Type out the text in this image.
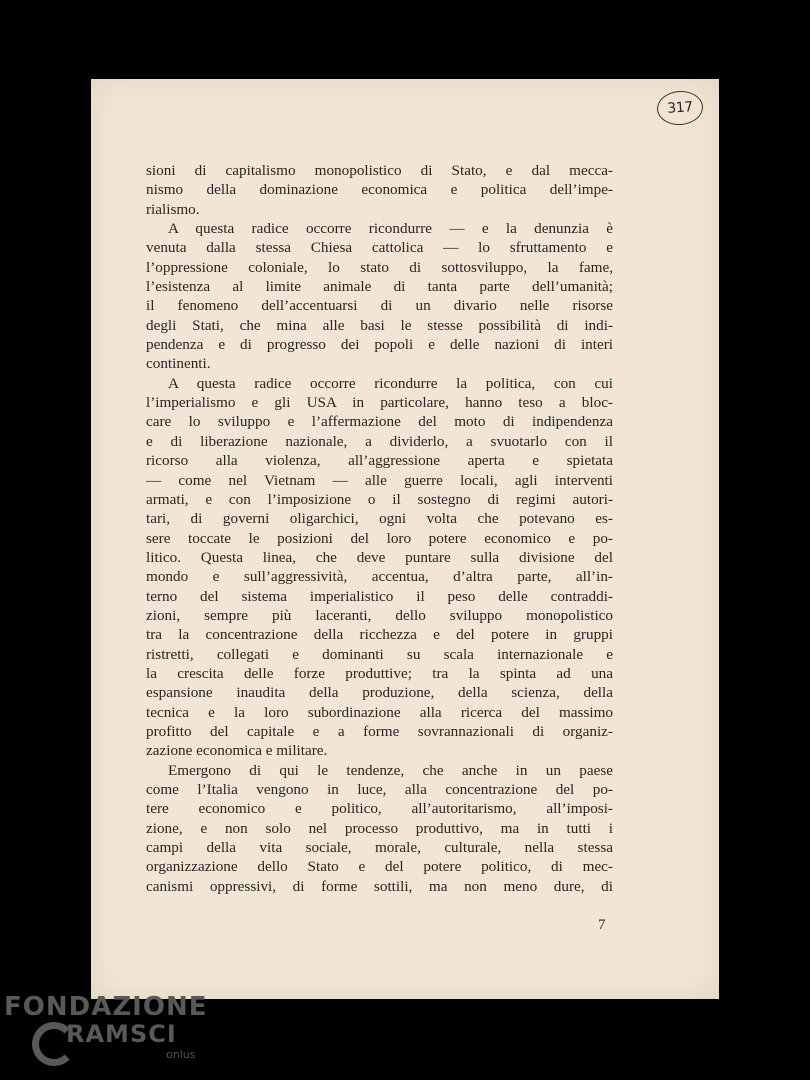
317
sioni di capitalismo monopolistico di Stato, e dal mecca-
nismo della dominazione economica e politica dell’impe-
rialismo.
A questa radice occorre ricondurre — e la denunzia è
venuta dalla stessa Chiesa cattolica — lo sfruttamento e
l’oppressione coloniale, lo stato di sottosviluppo, la fame,
l’esistenza al limite animale di tanta parte dell’umanità;
il fenomeno dell’accentuarsi di un divario nelle risorse
degli Stati, che mina alle basi le stesse possibilità di indi-
pendenza e di progresso dei popoli e delle nazioni di interi
continenti.
A questa radice occorre ricondurre la politica, con cui
l’imperialismo e gli USA in particolare, hanno teso a bloc-
care lo sviluppo e l’affermazione del moto di indipendenza
e di liberazione nazionale, a dividerlo, a svuotarlo con il
ricorso alla violenza, all’aggressione aperta e spietata
— come nel Vietnam — alle guerre locali, agli interventi
armati, e con l’imposizione o il sostegno di regimi autori-
tari, di governi oligarchici, ogni volta che potevano es-
sere toccate le posizioni del loro potere economico e po-
litico. Questa linea, che deve puntare sulla divisione del
mondo e sull’aggressività, accentua, d’altra parte, all’in-
terno del sistema imperialistico il peso delle contraddi-
zioni, sempre più laceranti, dello sviluppo monopolistico
tra la concentrazione della ricchezza e del potere in gruppi
ristretti, collegati e dominanti su scala internazionale e
la crescita delle forze produttive; tra la spinta ad una
espansione inaudita della produzione, della scienza, della
tecnica e la loro subordinazione alla ricerca del massimo
profitto del capitale e a forme sovrannazionali di organiz-
zazione economica e militare.
Emergono di qui le tendenze, che anche in un paese
come l’Italia vengono in luce, alla concentrazione del po-
tere economico e politico, all’autoritarismo, all’imposi-
zione, e non solo nel processo produttivo, ma in tutti i
campi della vita sociale, morale, culturale, nella stessa
organizzazione dello Stato e del potere politico, di mec-
canismi oppressivi, di forme sottili, ma non meno dure, di
7
FONDAZIONE
RAMSCI
onlus
